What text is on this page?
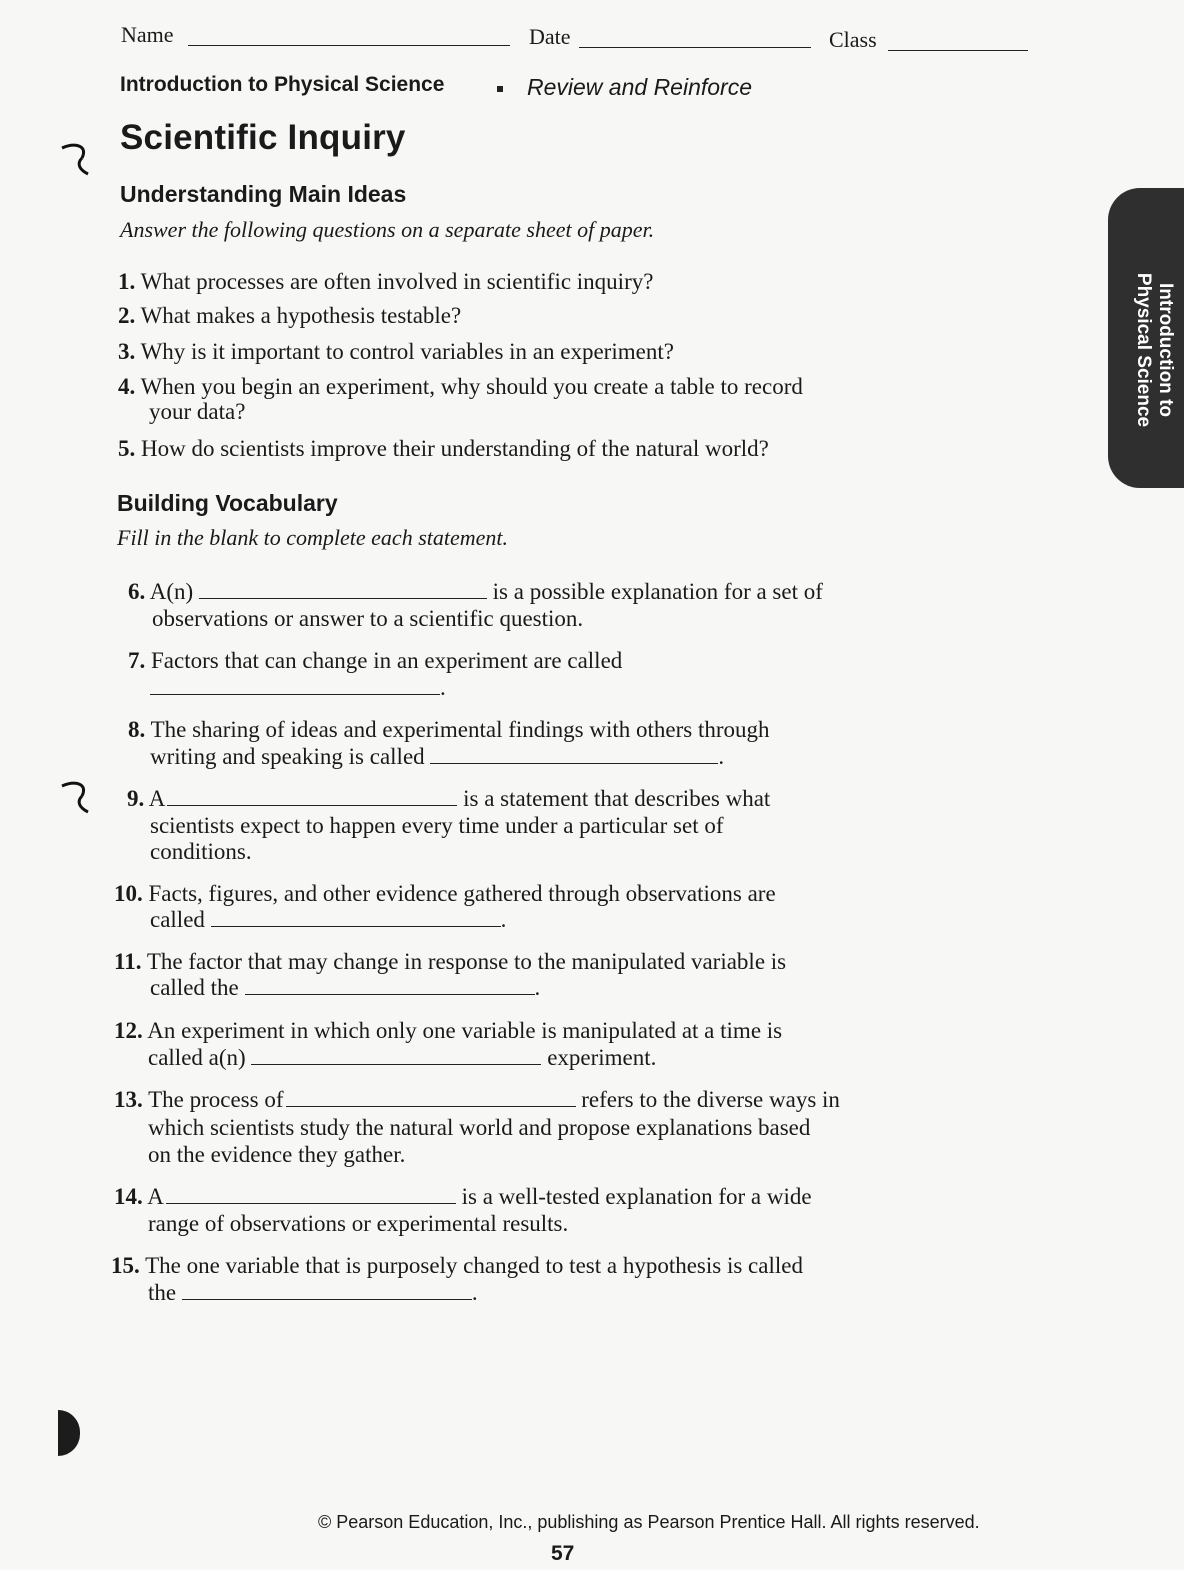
Name	Date	Class
Introduction to Physical Science	Review and Reinforce
Scientific Inquiry
Understanding Main Ideas
Answer the following questions on a separate sheet of paper.
1. What processes are often involved in scientific inquiry?
2. What makes a hypothesis testable?
3. Why is it important to control variables in an experiment?
4. When you begin an experiment, why should you create a table to record
your data?
5. How do scientists improve their understanding of the natural world?
Building Vocabulary
Fill in the blank to complete each statement.
6. A(n)	is a possible explanation for a set of
observations or answer to a scientific question.
7. Factors that can change in an experiment are called
.
8. The sharing of ideas and experimental findings with others through
writing and speaking is called	.
9. A	is a statement that describes what
scientists expect to happen every time under a particular set of
conditions.
10. Facts, figures, and other evidence gathered through observations are
called	.
11. The factor that may change in response to the manipulated variable is
called the	.
12. An experiment in which only one variable is manipulated at a time is
called a(n)	experiment.
13. The process of	refers to the diverse ways in
which scientists study the natural world and propose explanations based
on the evidence they gather.
14. A	is a well-tested explanation for a wide
range of observations or experimental results.
15. The one variable that is purposely changed to test a hypothesis is called
the	.
Introduction to
Physical Science
© Pearson Education, Inc., publishing as Pearson Prentice Hall. All rights reserved.
57
